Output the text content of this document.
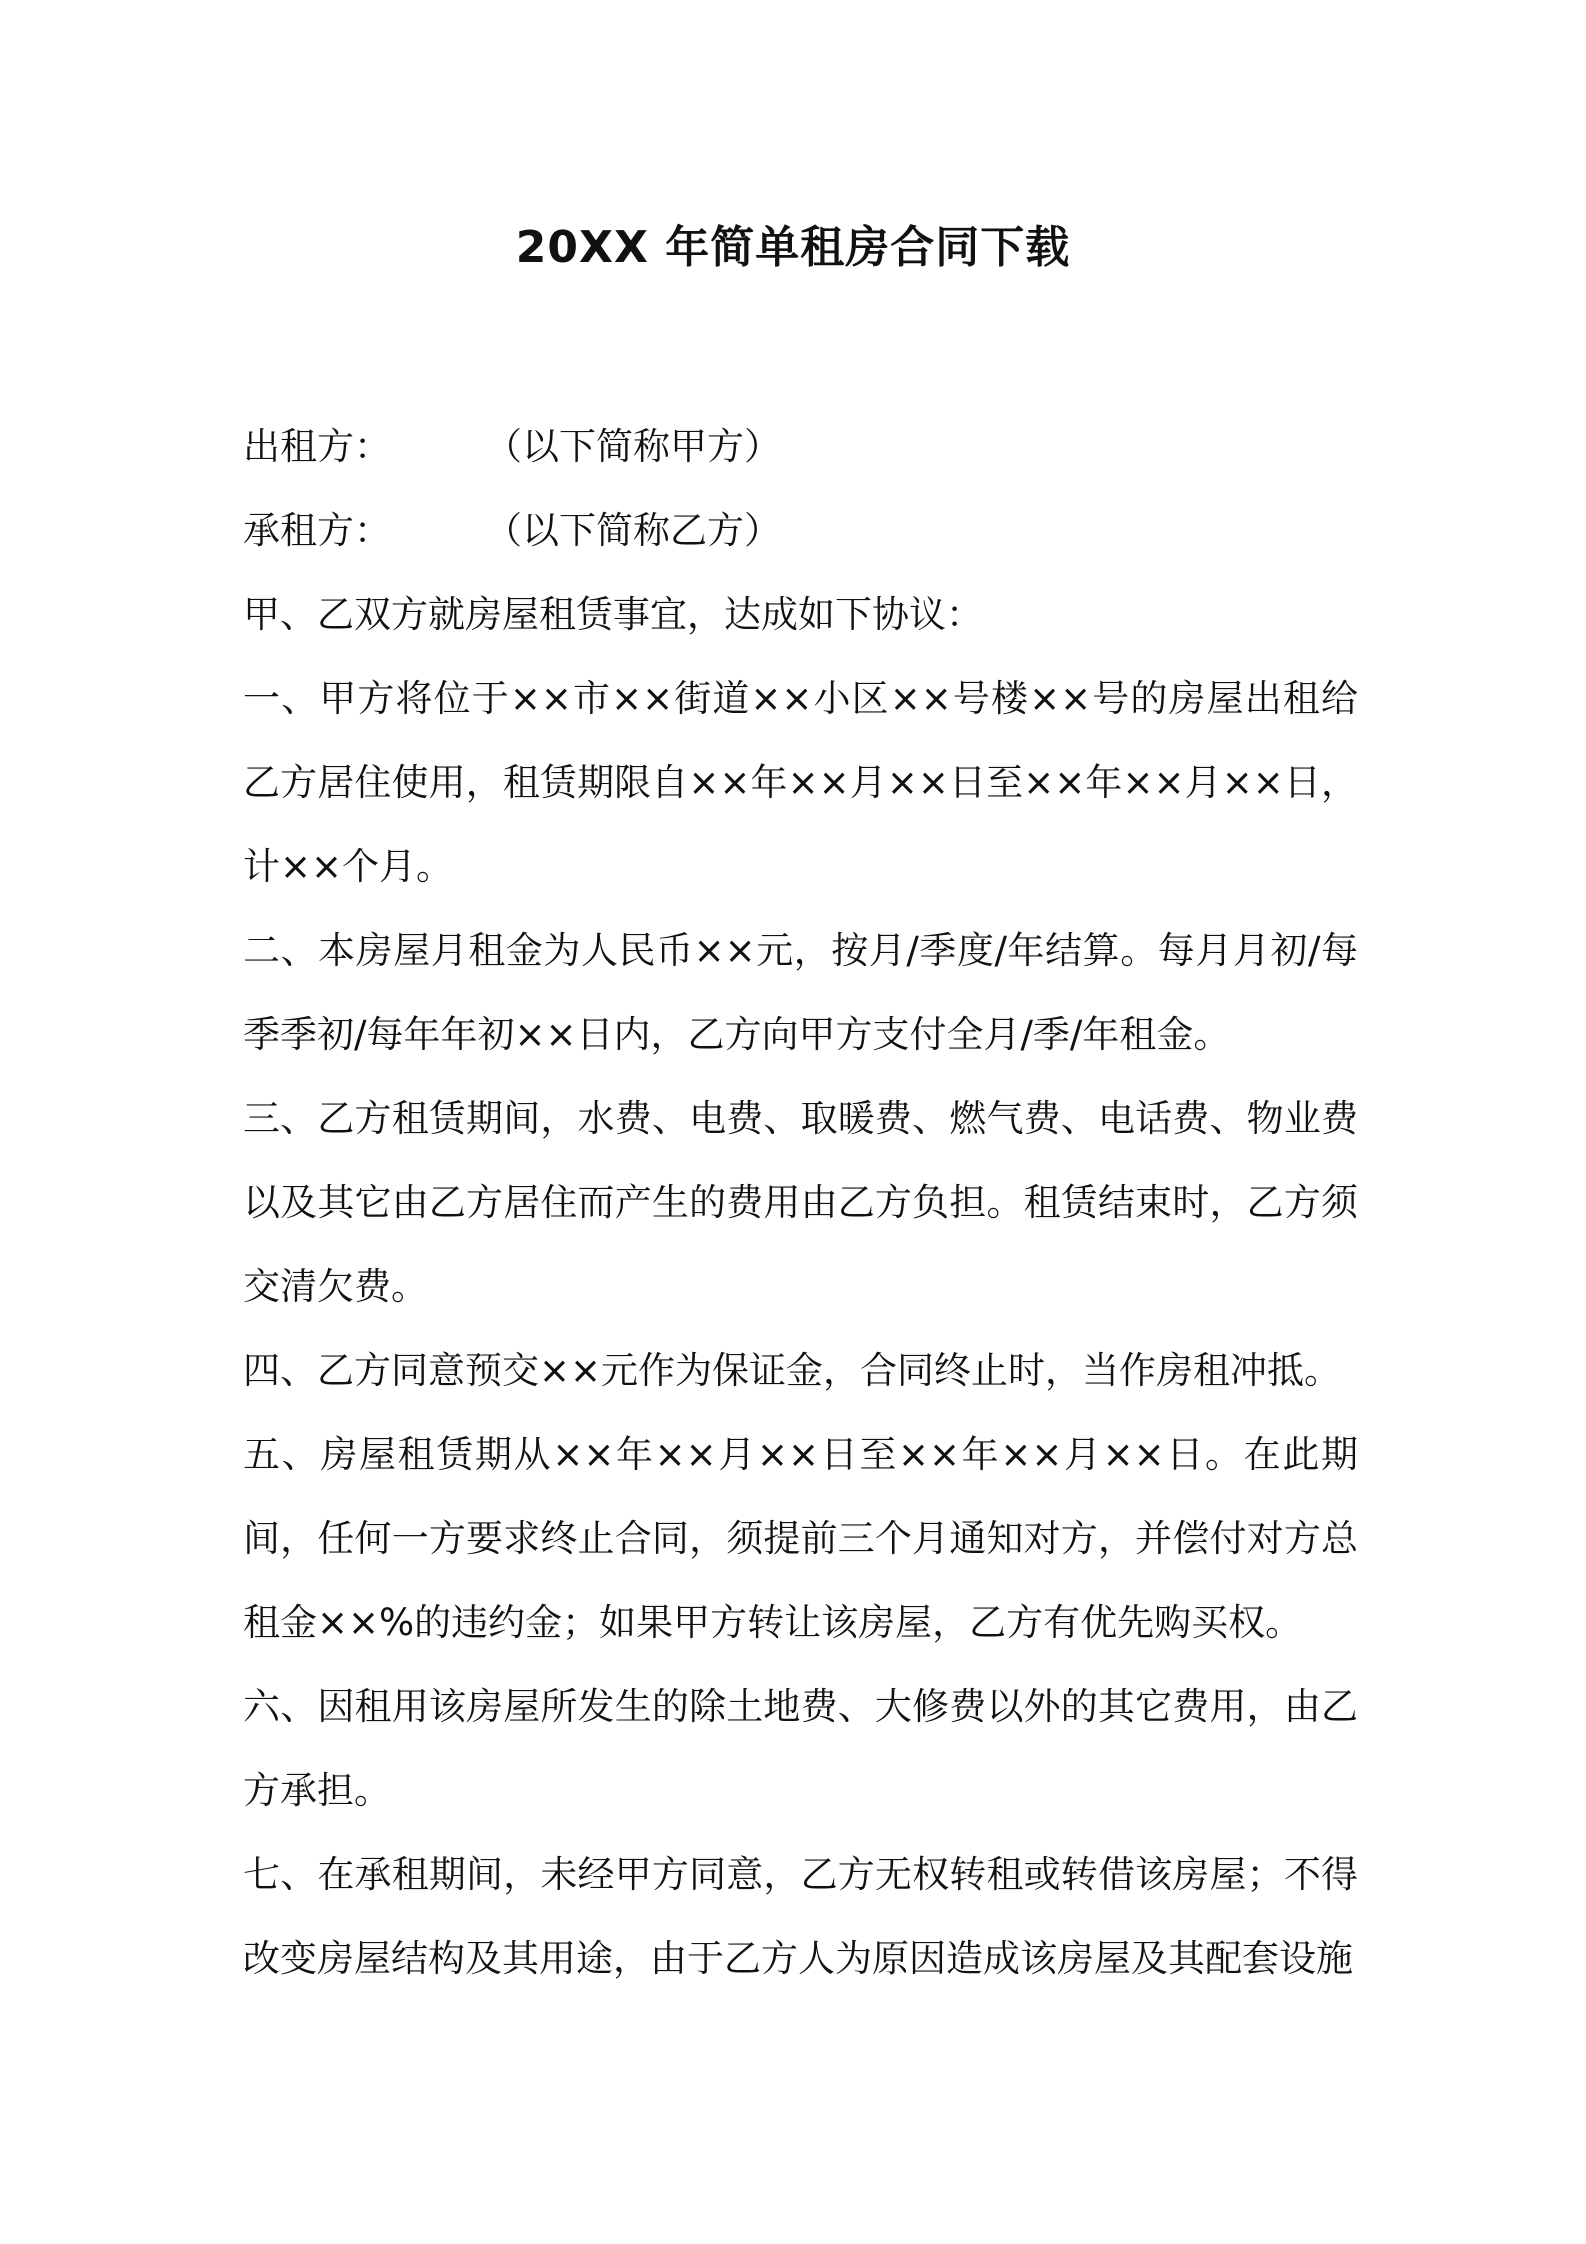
20XX 年简单租房合同下载
出租方：	（以下简称甲方）
承租方：	（以下简称乙方）

甲、乙双方就房屋租赁事宜，达成如下协议：

一、甲方将位于××市××街道××小区××号楼××号的房屋出租给乙方居住使用，租赁期限自××年××月××日至××年××月××日，计××个月。

二、本房屋月租金为人民币××元，按月/季度/年结算。每月月初/每季季初/每年年初××日内，乙方向甲方支付全月/季/年租金。

三、乙方租赁期间，水费、电费、取暖费、燃气费、电话费、物业费以及其它由乙方居住而产生的费用由乙方负担。租赁结束时，乙方须交清欠费。

四、乙方同意预交××元作为保证金，合同终止时，当作房租冲抵。

五、房屋租赁期从××年××月××日至××年××月××日。在此期间，任何一方要求终止合同，须提前三个月通知对方，并偿付对方总租金××%的违约金；如果甲方转让该房屋，乙方有优先购买权。

六、因租用该房屋所发生的除土地费、大修费以外的其它费用，由乙方承担。

七、在承租期间，未经甲方同意，乙方无权转租或转借该房屋；不得改变房屋结构及其用途，由于乙方人为原因造成该房屋及其配套设施
